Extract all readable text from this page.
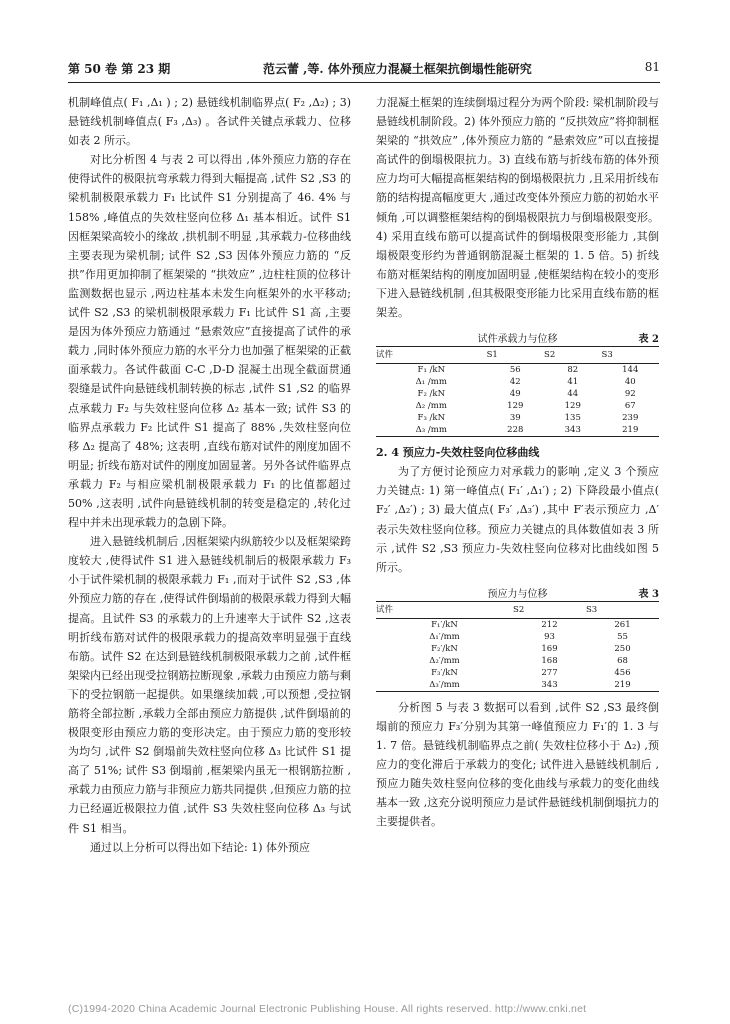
第 50 卷 第 23 期	范云蕾 ,等. 体外预应力混凝土框架抗倒塌性能研究	81

机制峰值点( F₁ ,Δ₁ ) ; 2) 悬链线机制临界点( F₂ ,Δ₂) ; 3) 悬链线机制峰值点( F₃ ,Δ₃) 。各试件关键点承载力、位移如表 2 所示。

对比分析图 4 与表 2 可以得出 ,体外预应力筋的存在使得试件的极限抗弯承载力得到大幅提高 ,试件 S2 ,S3 的梁机制极限承载力 F₁ 比试件 S1 分别提高了 46. 4% 与 158% ,峰值点的失效柱竖向位移 Δ₁ 基本相近。试件 S1 因框架梁高较小的缘故 ,拱机制不明显 ,其承载力-位移曲线主要表现为梁机制; 试件 S2 ,S3 因体外预应力筋的 “反拱”作用更加抑制了框架梁的 “拱效应” ,边柱柱顶的位移计监测数据也显示 ,两边柱基本未发生向框架外的水平移动; 试件 S2 ,S3 的梁机制极限承载力 F₁ 比试件 S1 高 ,主要是因为体外预应力筋通过 “悬索效应”直接提高了试件的承载力 ,同时体外预应力筋的水平分力也加强了框架梁的正截面承载力。各试件截面 C-C ,D-D 混凝土出现全截面贯通裂缝是试件向悬链线机制转换的标志 ,试件 S1 ,S2 的临界点承载力 F₂ 与失效柱竖向位移 Δ₂ 基本一致; 试件 S3 的临界点承载力 F₂ 比试件 S1 提高了 88% ,失效柱竖向位移 Δ₂ 提高了 48%; 这表明 ,直线布筋对试件的刚度加固不明显; 折线布筋对试件的刚度加固显著。另外各试件临界点承载力 F₂ 与相应梁机制极限承载力 F₁ 的比值都超过 50% ,这表明 ,试件向悬链线机制的转变是稳定的 ,转化过程中并未出现承载力的急剧下降。

进入悬链线机制后 ,因框架梁内纵筋较少以及框架梁跨度较大 ,使得试件 S1 进入悬链线机制后的极限承载力 F₃ 小于试件梁机制的极限承载力 F₁ ,而对于试件 S2 ,S3 ,体外预应力筋的存在 ,使得试件倒塌前的极限承载力得到大幅提高。且试件 S3 的承载力的上升速率大于试件 S2 ,这表明折线布筋对试件的极限承载力的提高效率明显强于直线布筋。试件 S2 在达到悬链线机制极限承载力之前 ,试件框架梁内已经出现受拉钢筋拉断现象 ,承载力由预应力筋与剩下的受拉钢筋一起提供。如果继续加载 ,可以预想 ,受拉钢筋将全部拉断 ,承载力全部由预应力筋提供 ,试件倒塌前的极限变形由预应力筋的变形决定。由于预应力筋的变形较为均匀 ,试件 S2 倒塌前失效柱竖向位移 Δ₃ 比试件 S1 提高了 51%; 试件 S3 倒塌前 ,框架梁内虽无一根钢筋拉断 ,承载力由预应力筋与非预应力筋共同提供 ,但预应力筋的拉力已经逼近极限拉力值 ,试件 S3 失效柱竖向位移 Δ₃ 与试件 S1 相当。

通过以上分析可以得出如下结论: 1) 体外预应

力混凝土框架的连续倒塌过程分为两个阶段: 梁机制阶段与悬链线机制阶段。2) 体外预应力筋的 “反拱效应”将抑制框架梁的 “拱效应” ,体外预应力筋的 “悬索效应”可以直接提高试件的倒塌极限抗力。3) 直线布筋与折线布筋的体外预应力均可大幅提高框架结构的倒塌极限抗力 ,且采用折线布筋的结构提高幅度更大 ,通过改变体外预应力筋的初始水平倾角 ,可以调整框架结构的倒塌极限抗力与倒塌极限变形。4) 采用直线布筋可以提高试件的倒塌极限变形能力 ,其倒塌极限变形约为普通钢筋混凝土框架的 1. 5 倍。5) 折线布筋对框架结构的刚度加固明显 ,使框架结构在较小的变形下进入悬链线机制 ,但其极限变形能力比采用直线布筋的框架差。

试件承载力与位移	表 2
试件	S1	S2	S3
F₁ /kN	56	82	144
Δ₁ /mm	42	41	40
F₂ /kN	49	44	92
Δ₂ /mm	129	129	67
F₃ /kN	39	135	239
Δ₃ /mm	228	343	219

2. 4 预应力-失效柱竖向位移曲线

为了方便讨论预应力对承载力的影响 ,定义 3 个预应力关键点: 1) 第一峰值点( F₁′ ,Δ₁′) ; 2) 下降段最小值点( F₂′ ,Δ₂′) ; 3) 最大值点( F₃′ ,Δ₃′) ,其中 F′表示预应力 ,Δ′表示失效柱竖向位移。预应力关键点的具体数值如表 3 所示 ,试件 S2 ,S3 预应力-失效柱竖向位移对比曲线如图 5 所示。

预应力与位移	表 3
试件	S2	S3
F₁′/kN	212	261
Δ₁′/mm	93	55
F₂′/kN	169	250
Δ₂′/mm	168	68
F₃′/kN	277	456
Δ₃′/mm	343	219

分析图 5 与表 3 数据可以看到 ,试件 S2 ,S3 最终倒塌前的预应力 F₃′分别为其第一峰值预应力 F₁′的 1. 3 与 1. 7 倍。悬链线机制临界点之前( 失效柱位移小于 Δ₂) ,预应力的变化滞后于承载力的变化; 试件进入悬链线机制后 ,预应力随失效柱竖向位移的变化曲线与承载力的变化曲线基本一致 ,这充分说明预应力是试件悬链线机制倒塌抗力的主要提供者。

(C)1994-2020 China Academic Journal Electronic Publishing House. All rights reserved. http://www.cnki.net
